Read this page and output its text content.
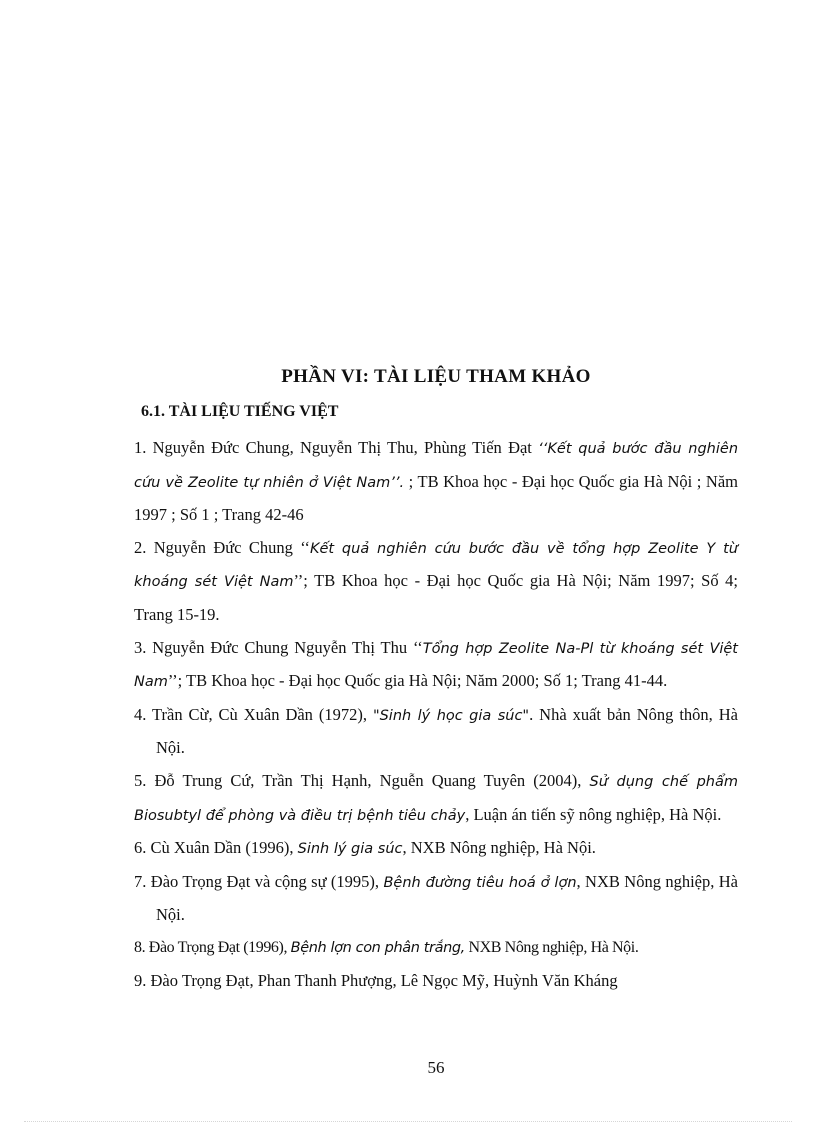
PHẦN VI: TÀI LIỆU THAM KHẢO
6.1. TÀI LIỆU TIẾNG VIỆT
1. Nguyễn Đức Chung, Nguyễn Thị Thu, Phùng Tiến Đạt ‘‘Kết quả bước đầu nghiên cứu về Zeolite tự nhiên ở Việt Nam’’. ; TB Khoa học - Đại học Quốc gia Hà Nội ; Năm 1997 ; Số 1 ; Trang 42-46
2. Nguyễn Đức Chung ‘‘Kết quả nghiên cứu bước đầu về tổng hợp Zeolite Y từ khoáng sét Việt Nam’’; TB Khoa học - Đại học Quốc gia Hà Nội; Năm 1997; Số 4; Trang 15-19.
3. Nguyễn Đức Chung Nguyễn Thị Thu ‘‘Tổng hợp Zeolite Na-Pl từ khoáng sét Việt Nam’’; TB Khoa học - Đại học Quốc gia Hà Nội; Năm 2000; Số 1; Trang 41-44.
4. Trần Cừ, Cù Xuân Dần (1972), "Sinh lý học gia súc". Nhà xuất bản Nông thôn, Hà Nội.
5. Đỗ Trung Cứ, Trần Thị Hạnh, Nguễn Quang Tuyên (2004), Sử dụng chế phẩm Biosubtyl để phòng và điều trị bệnh tiêu chảy, Luận án tiến sỹ nông nghiệp, Hà Nội.
6. Cù Xuân Dần (1996), Sinh lý gia súc, NXB Nông nghiệp, Hà Nội.
7. Đào Trọng Đạt và cộng sự (1995), Bệnh đường tiêu hoá ở lợn, NXB Nông nghiệp, Hà Nội.
8. Đào Trọng Đạt (1996), Bệnh lợn con phân trắng, NXB Nông nghiệp, Hà Nội.
9. Đào Trọng Đạt, Phan Thanh Phượng, Lê Ngọc Mỹ, Huỳnh Văn Kháng
56
